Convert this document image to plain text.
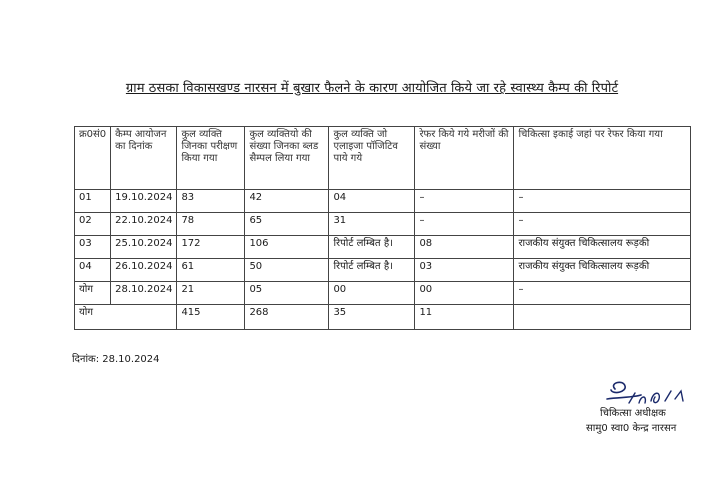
ग्राम ठसका विकासखण्ड नारसन में बुखार फैलने के कारण आयोजित किये जा रहे स्वास्थ्य कैम्प की रिपोर्ट
क्र0सं0	कैम्प आयोजन का दिनांक	कुल व्यक्ति जिनका परीक्षण किया गया	कुल व्यक्तियो की संख्या जिनका ब्लड सैम्पल लिया गया	कुल व्यक्ति जो एलाइजा पॉजिटिव पाये गये	रेफर किये गये मरीजों की संख्या	चिकित्सा इकाई जहां पर रेफर किया गया
01	19.10.2024	83	42	04	–	–
02	22.10.2024	78	65	31	–	–
03	25.10.2024	172	106	रिपोर्ट लम्बित है।	08	राजकीय संयुक्त चिकित्सालय रूड़की
04	26.10.2024	61	50	रिपोर्ट लम्बित है।	03	राजकीय संयुक्त चिकित्सालय रूड़की
योग	28.10.2024	21	05	00	00	–
योग		415	268	35	11	
दिनांक: 28.10.2024
चिकित्सा अधीक्षक
सामु0 स्वा0 केन्द्र नारसन
